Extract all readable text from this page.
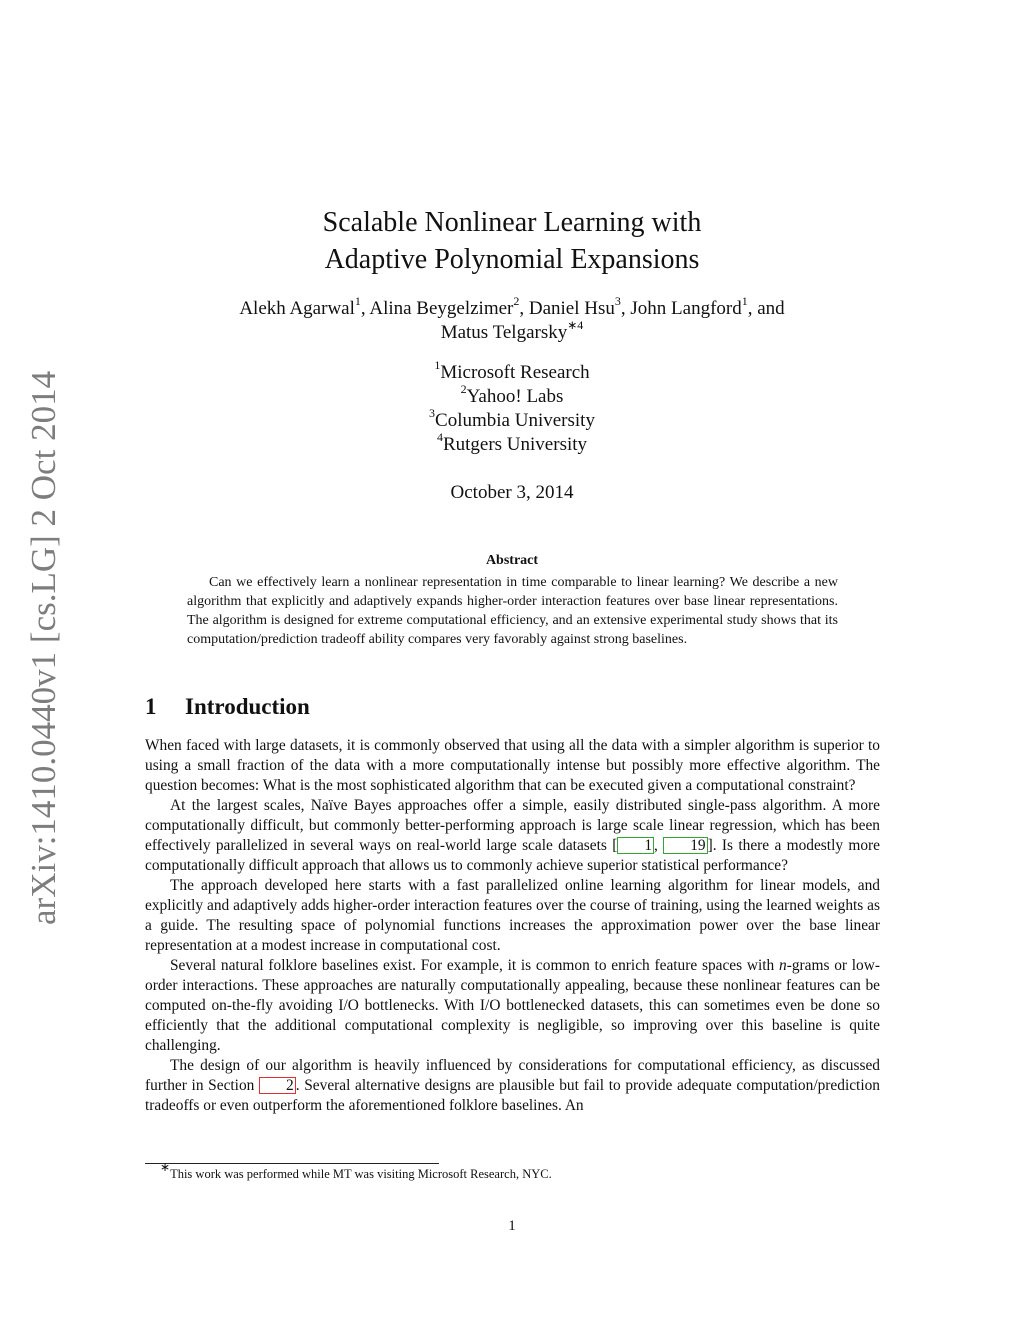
arXiv:1410.0440v1 [cs.LG] 2 Oct 2014
Scalable Nonlinear Learning with
Adaptive Polynomial Expansions
Alekh Agarwal$^1$, Alina Beygelzimer$^2$, Daniel Hsu$^3$, John Langford$^1$, and
Matus Telgarsky$^{∗4}$
$^1$Microsoft Research
$^2$Yahoo! Labs
$^3$Columbia University
$^4$Rutgers University
October 3, 2014
Abstract

Can we effectively learn a nonlinear representation in time comparable to linear learning? We describe a new algorithm that explicitly and adaptively expands higher-order interaction features over base linear representations. The algorithm is designed for extreme computational efficiency, and an extensive experimental study shows that its computation/prediction tradeoff ability compares very favorably against strong baselines.

1 Introduction

When faced with large datasets, it is commonly observed that using all the data with a simpler algorithm is superior to using a small fraction of the data with a more computationally intense but possibly more effective algorithm. The question becomes: What is the most sophisticated algorithm that can be executed given a computational constraint?

At the largest scales, Naïve Bayes approaches offer a simple, easily distributed single-pass algorithm. A more computationally difficult, but commonly better-performing approach is large scale linear regression, which has been effectively parallelized in several ways on real-world large scale datasets [ 1 , 19 ]. Is there a modestly more computationally difficult approach that allows us to commonly achieve superior statistical performance?

The approach developed here starts with a fast parallelized online learning algorithm for linear models, and explicitly and adaptively adds higher-order interaction features over the course of training, using the learned weights as a guide. The resulting space of polynomial functions increases the approximation power over the base linear representation at a modest increase in computational cost.

Several natural folklore baselines exist. For example, it is common to enrich feature spaces with n-grams or low-order interactions. These approaches are naturally computationally appealing, because these nonlinear features can be computed on-the-fly avoiding I/O bottlenecks. With I/O bottlenecked datasets, this can sometimes even be done so efficiently that the additional computational complexity is negligible, so improving over this baseline is quite challenging.

The design of our algorithm is heavily influenced by considerations for computational efficiency, as discussed further in Section 2 . Several alternative designs are plausible but fail to provide adequate computation/prediction tradeoffs or even outperform the aforementioned folklore baselines. An

∗This work was performed while MT was visiting Microsoft Research, NYC.
1
